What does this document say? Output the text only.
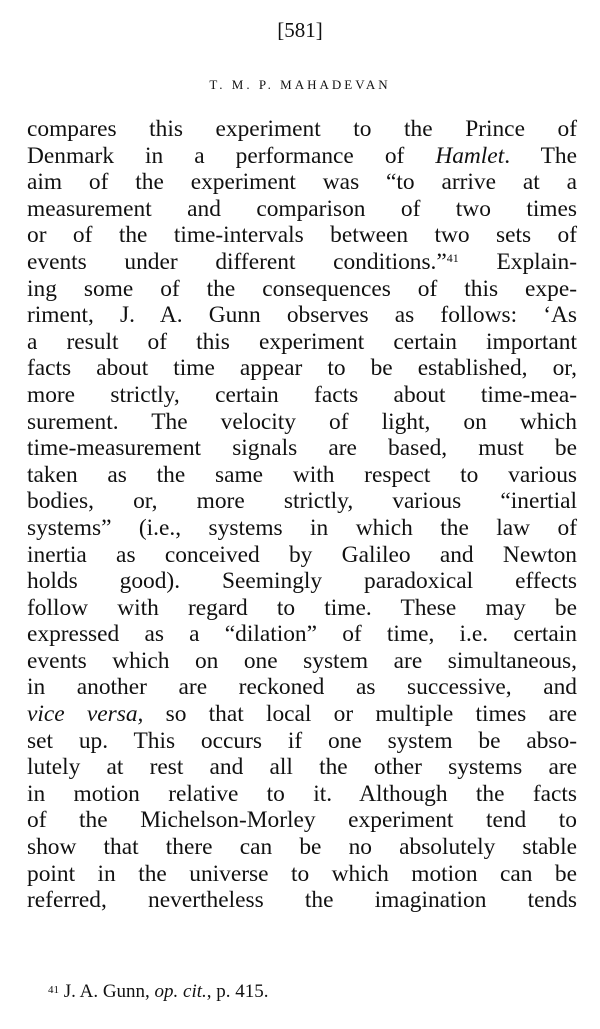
[581]
T. M. P. MAHADEVAN
compares this experiment to the Prince of
Denmark in a performance of Hamlet. The
aim of the experiment was “to arrive at a
measurement and comparison of two times
or of the time-intervals between two sets of
events under different conditions.”$^{41}$ Explain-
ing some of the consequences of this expe-
riment, J. A. Gunn observes as follows: ‘As
a result of this experiment certain important
facts about time appear to be established, or,
more strictly, certain facts about time-mea-
surement. The velocity of light, on which
time-measurement signals are based, must be
taken as the same with respect to various
bodies, or, more strictly, various “inertial
systems” (i.e., systems in which the law of
inertia as conceived by Galileo and Newton
holds good). Seemingly paradoxical effects
follow with regard to time. These may be
expressed as a “dilation” of time, i.e. certain
events which on one system are simultaneous,
in another are reckoned as successive, and
vice versa, so that local or multiple times are
set up. This occurs if one system be abso-
lutely at rest and all the other systems are
in motion relative to it. Although the facts
of the Michelson-Morley experiment tend to
show that there can be no absolutely stable
point in the universe to which motion can be
referred, nevertheless the imagination tends
$^{41}$ J. A. Gunn, op. cit., p. 415.
